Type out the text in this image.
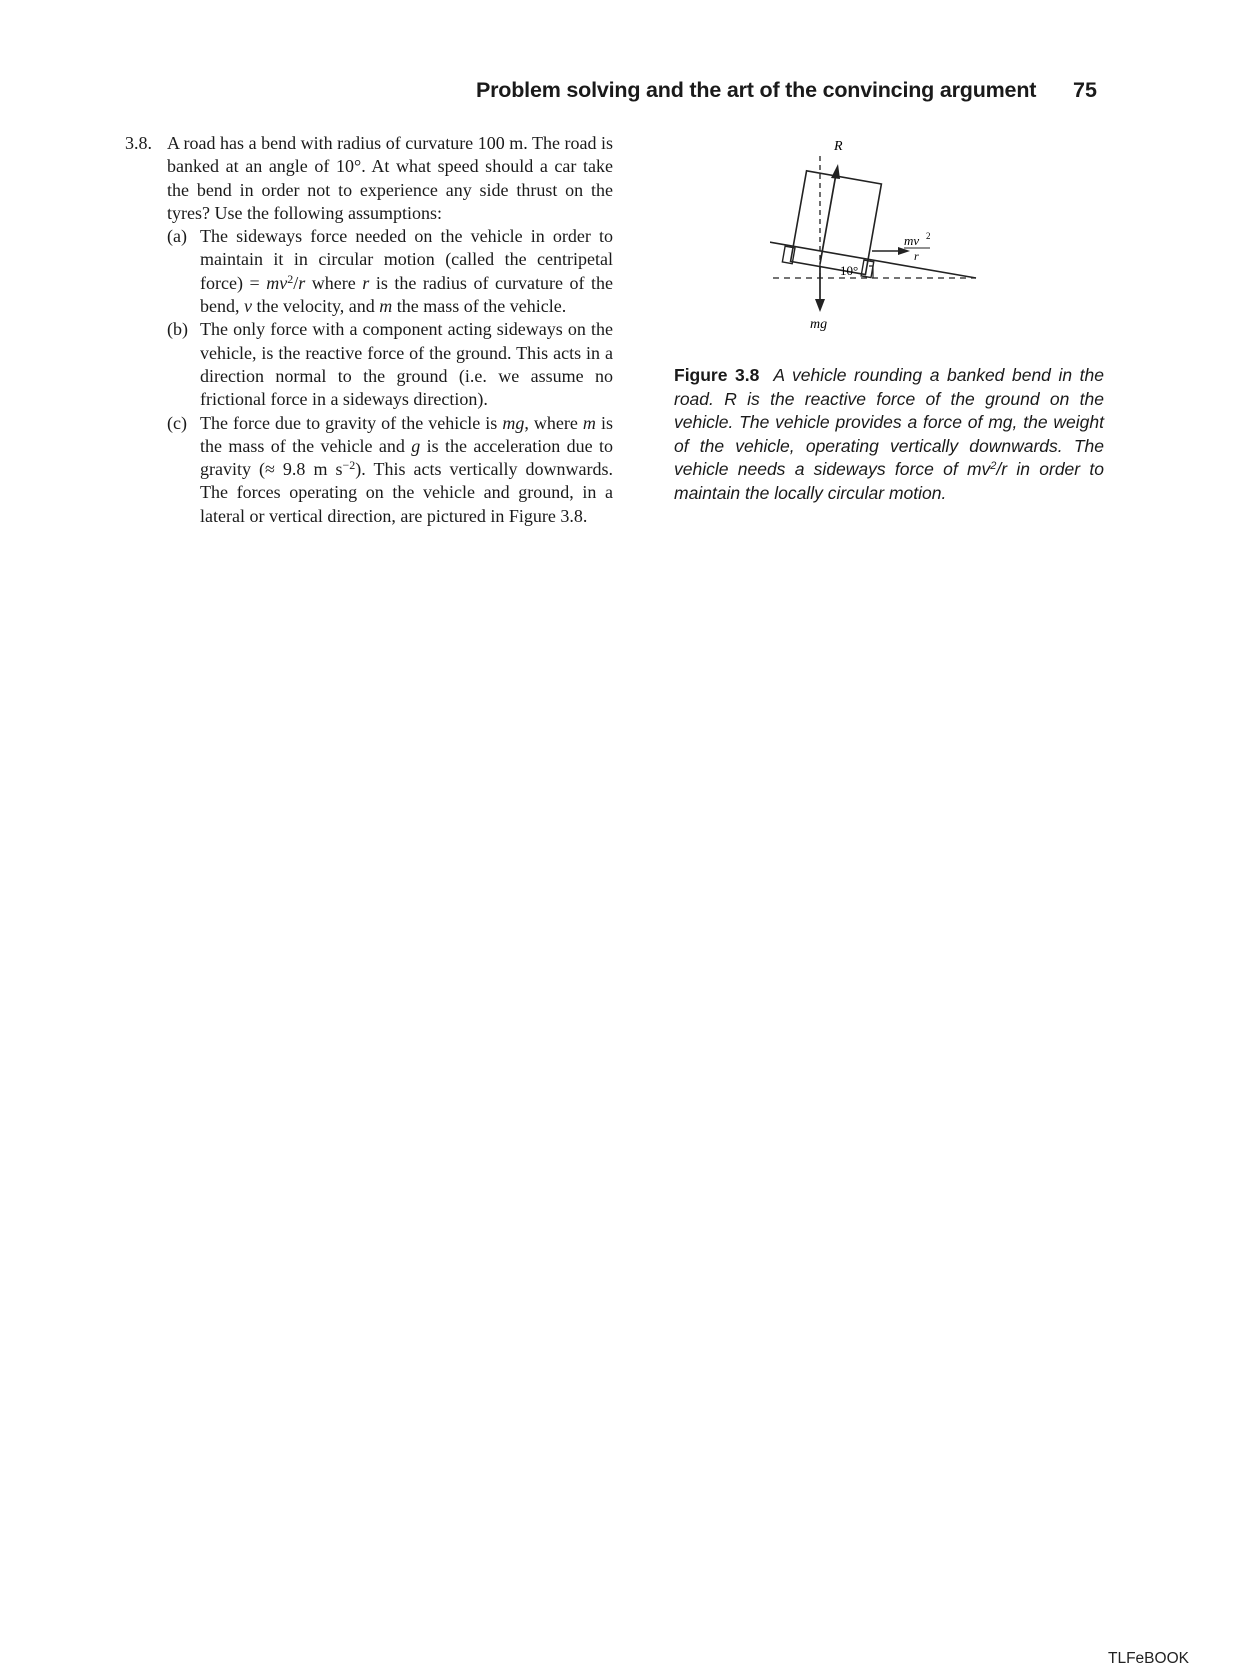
Problem solving and the art of the convincing argument 75

3.8. A road has a bend with radius of curvature 100 m. The road is banked at an angle of 10°. At what speed should a car take the bend in order not to experience any side thrust on the tyres? Use the following assumptions:

(a) The sideways force needed on the vehicle in order to maintain it in circular motion (called the centripetal force) = $mv^2/r$ where r is the radius of curvature of the bend, v the velocity, and m the mass of the vehicle.

(b) The only force with a component acting sideways on the vehicle, is the reactive force of the ground. This acts in a direction normal to the ground (i.e. we assume no frictional force in a sideways direction).

(c) The force due to gravity of the vehicle is mg, where m is the mass of the vehicle and g is the acceleration due to gravity (≈ 9.8 m $s^{-2}$). This acts vertically downwards. The forces operating on the vehicle and ground, in a lateral or vertical direction, are pictured in Figure 3.8.

R
mg
10°
mv 2
r
Figure 3.8 A vehicle rounding a banked bend in the road. R is the reactive force of the ground on the vehicle. The vehicle provides a force of mg, the weight of the vehicle, operating vertically downwards. The vehicle needs a sideways force of $mv^2/r$ in order to maintain the locally circular motion.
TLFeBOOK
